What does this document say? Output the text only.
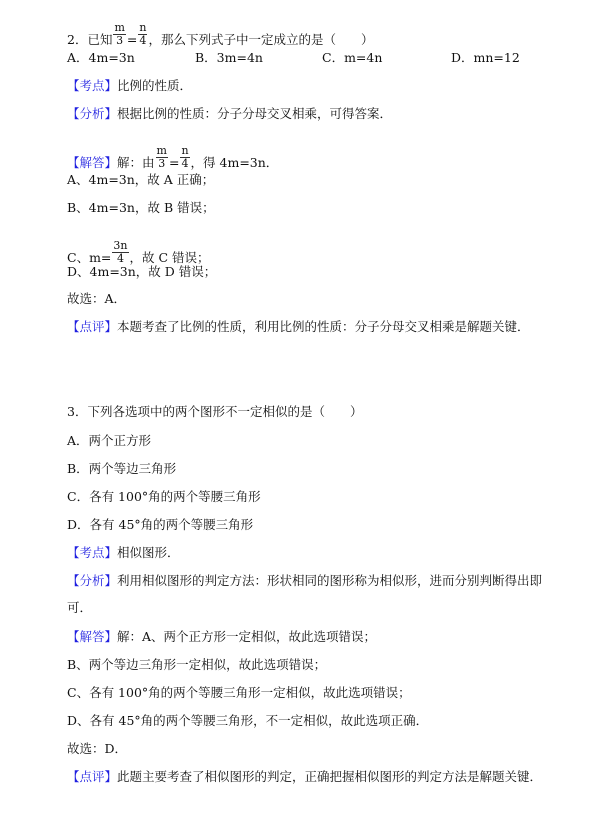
2．已知 $\frac{m}{3} = \frac{n}{4}$ ，那么下列式子中一定成立的是（　　）
A．4m=3n	B．3m=4n	C．m=4n	D．mn=12
【考点】比例的性质．
【分析】根据比例的性质：分子分母交叉相乘，可得答案．
【解答】解：由 $\frac{m}{3} = \frac{n}{4}$ ，得 4m=3n．
A、4m=3n，故 A 正确；
B、4m=3n，故 B 错误；
C、$m= \frac{3n}{4}$ ，故 C 错误；
D、4m=3n，故 D 错误；
故选：A．
【点评】本题考查了比例的性质，利用比例的性质：分子分母交叉相乘是解题关键．
3．下列各选项中的两个图形不一定相似的是（　　）
A．两个正方形
B．两个等边三角形
C．各有 100°角的两个等腰三角形
D．各有 45°角的两个等腰三角形
【考点】相似图形．
【分析】利用相似图形的判定方法：形状相同的图形称为相似形，进而分别判断得出即
可．
【解答】解：A、两个正方形一定相似，故此选项错误；
B、两个等边三角形一定相似，故此选项错误；
C、各有 100°角的两个等腰三角形一定相似，故此选项错误；
D、各有 45°角的两个等腰三角形，不一定相似，故此选项正确．
故选：D．
【点评】此题主要考查了相似图形的判定，正确把握相似图形的判定方法是解题关键．
